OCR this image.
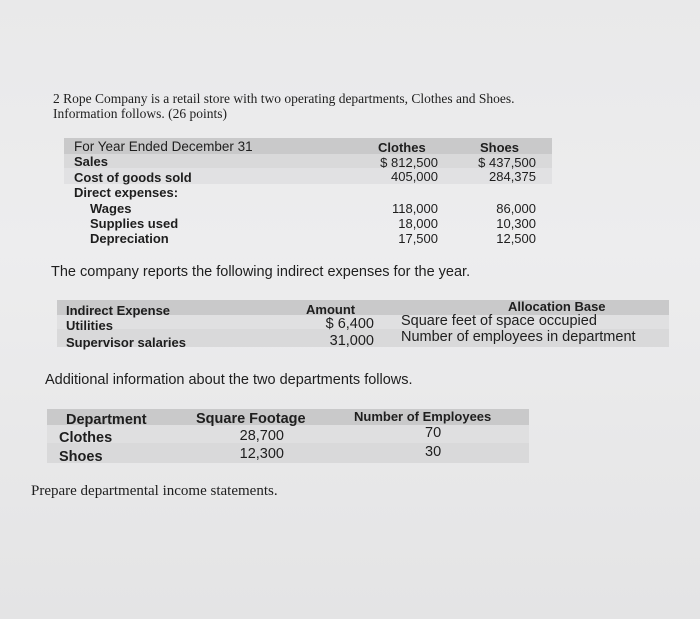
2 Rope Company is a retail store with two operating departments, Clothes and Shoes.
Information follows. (26 points)
For Year Ended December 31	Clothes	Shoes
Sales	$ 812,500	$ 437,500
Cost of goods sold	405,000	284,375
Direct expenses:
Wages	118,000	86,000
Supplies used	18,000	10,300
Depreciation	17,500	12,500
The company reports the following indirect expenses for the year.
Indirect Expense	Amount	Allocation Base
Utilities	$ 6,400 Square feet of space occupied
Supervisor salaries	31,000 Number of employees in department
Additional information about the two departments follows.
Department	Square Footage	Number of Employees
Clothes	28,700	70
Shoes	12,300	30
Prepare departmental income statements.
